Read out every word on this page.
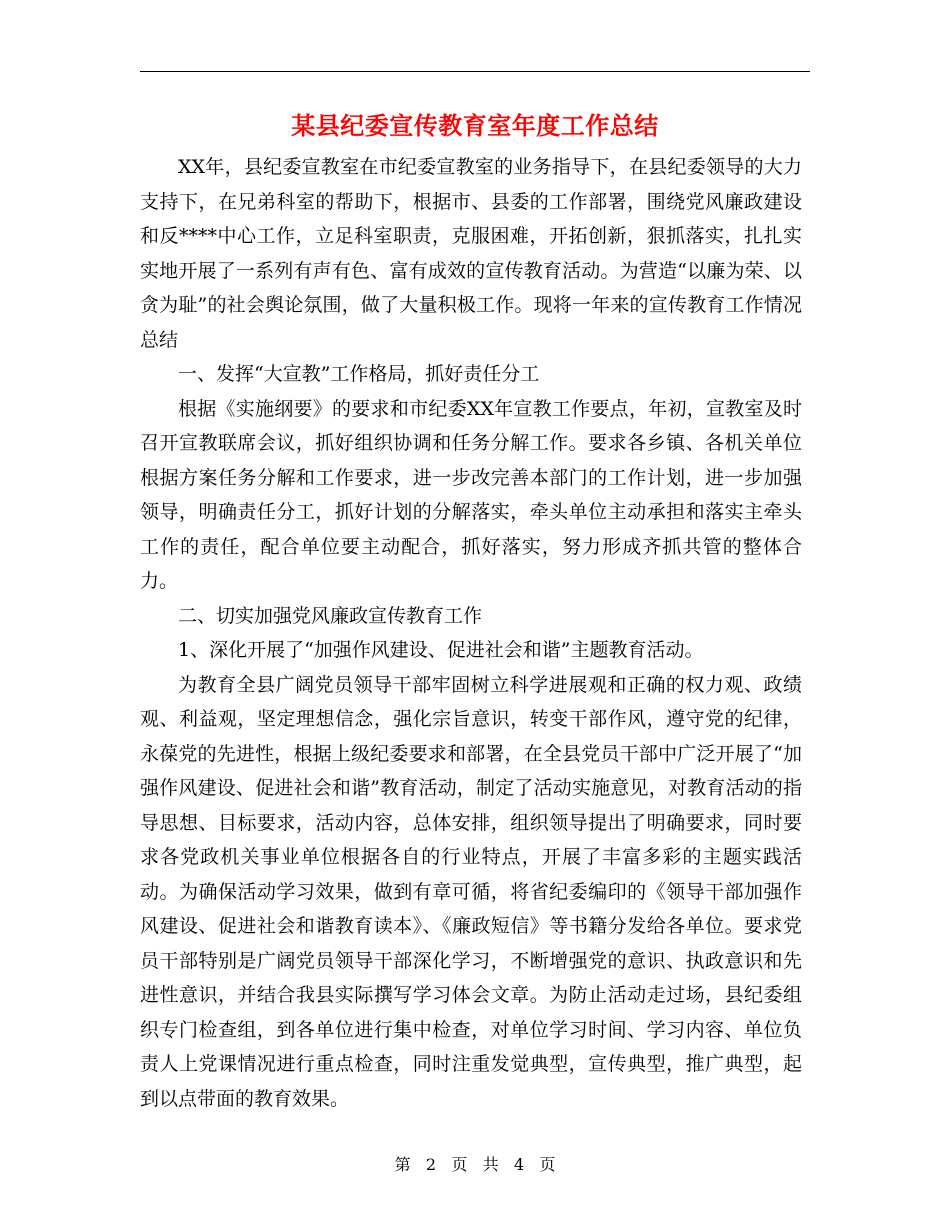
某县纪委宣传教育室年度工作总结

XX年，县纪委宣教室在市纪委宣教室的业务指导下，在县纪委领导的大力支持下，在兄弟科室的帮助下，根据市、县委的工作部署，围绕党风廉政建设和反****中心工作，立足科室职责，克服困难，开拓创新，狠抓落实，扎扎实实地开展了一系列有声有色、富有成效的宣传教育活动。为营造“以廉为荣、以贪为耻”的社会舆论氛围，做了大量积极工作。现将一年来的宣传教育工作情况总结

一、发挥“大宣教”工作格局，抓好责任分工

根据《实施纲要》的要求和市纪委XX年宣教工作要点，年初，宣教室及时召开宣教联席会议，抓好组织协调和任务分解工作。要求各乡镇、各机关单位根据方案任务分解和工作要求，进一步改完善本部门的工作计划，进一步加强领导，明确责任分工，抓好计划的分解落实，牵头单位主动承担和落实主牵头工作的责任，配合单位要主动配合，抓好落实，努力形成齐抓共管的整体合力。

二、切实加强党风廉政宣传教育工作

1、深化开展了“加强作风建设、促进社会和谐”主题教育活动。

为教育全县广阔党员领导干部牢固树立科学进展观和正确的权力观、政绩观、利益观，坚定理想信念，强化宗旨意识，转变干部作风，遵守党的纪律，永葆党的先进性，根据上级纪委要求和部署，在全县党员干部中广泛开展了“加强作风建设、促进社会和谐”教育活动，制定了活动实施意见，对教育活动的指导思想、目标要求，活动内容，总体安排，组织领导提出了明确要求，同时要求各党政机关事业单位根据各自的行业特点，开展了丰富多彩的主题实践活动。为确保活动学习效果，做到有章可循，将省纪委编印的《领导干部加强作风建设、促进社会和谐教育读本》、《廉政短信》等书籍分发给各单位。要求党员干部特别是广阔党员领导干部深化学习，不断增强党的意识、执政意识和先进性意识，并结合我县实际撰写学习体会文章。为防止活动走过场，县纪委组织专门检查组，到各单位进行集中检查，对单位学习时间、学习内容、单位负责人上党课情况进行重点检查，同时注重发觉典型，宣传典型，推广典型，起到以点带面的教育效果。

第 2 页 共 4 页
